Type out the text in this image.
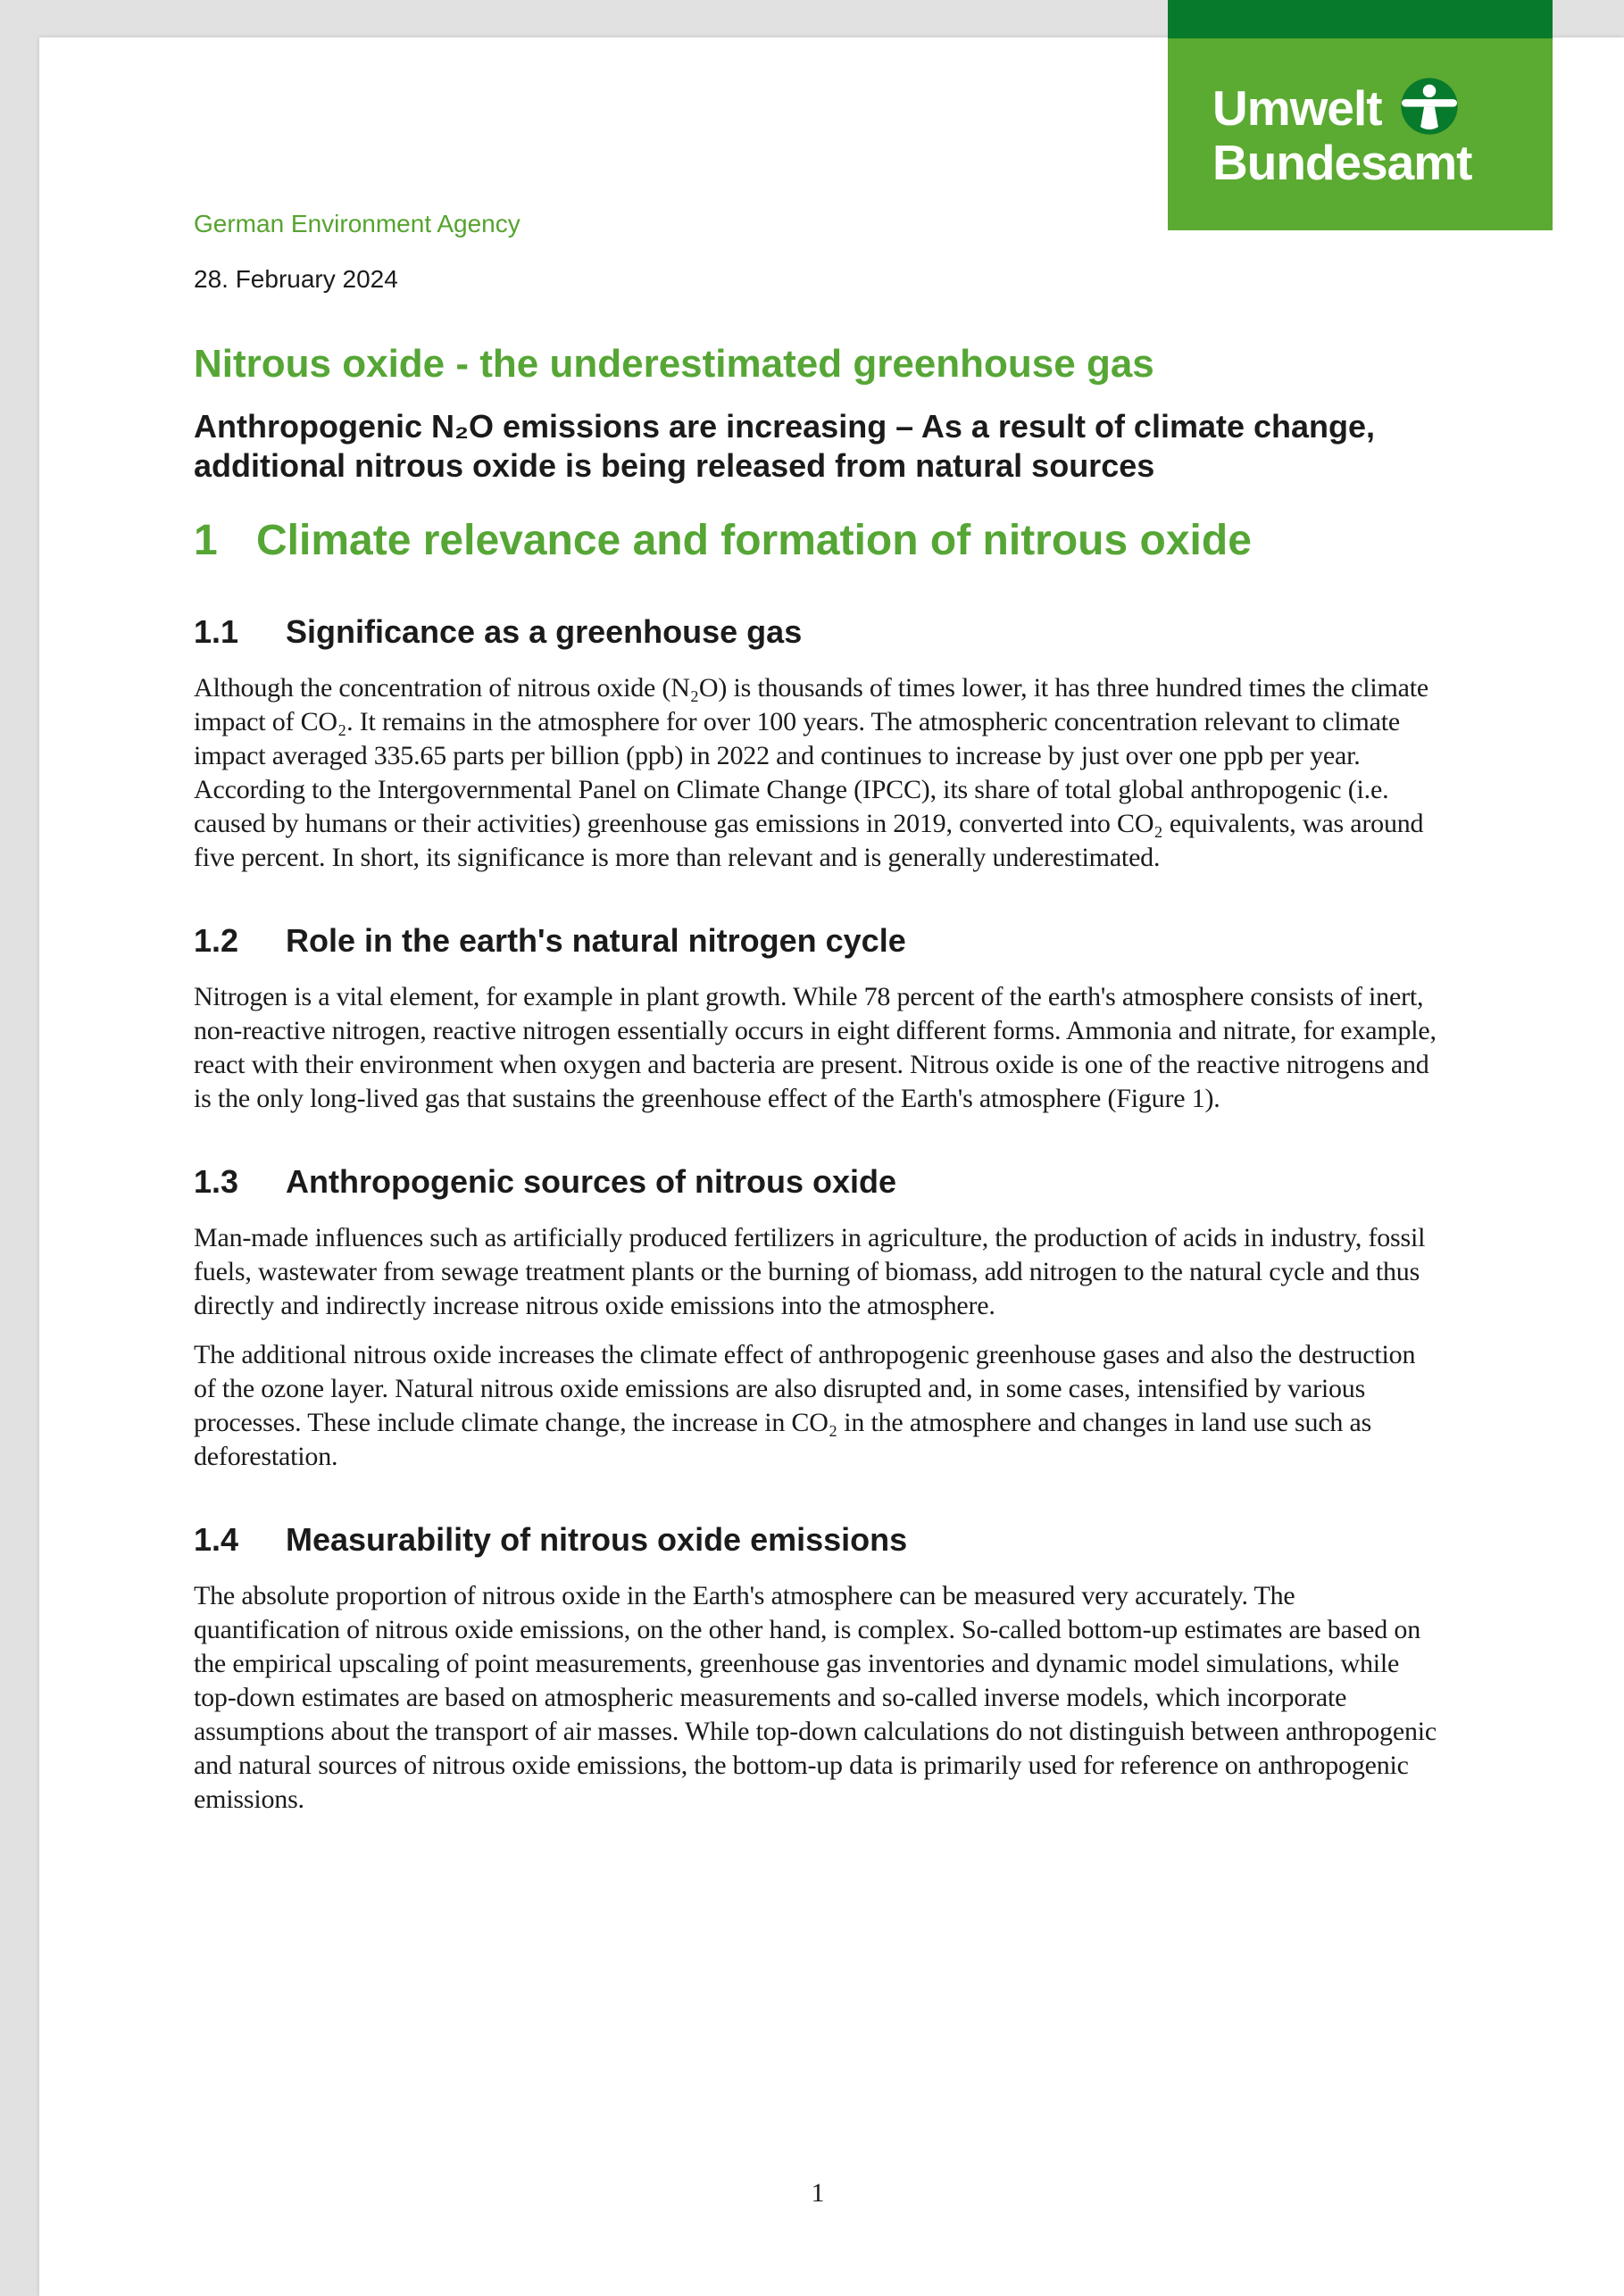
German Environment Agency
28. February 2024
Nitrous oxide - the underestimated greenhouse gas
Anthropogenic N₂O emissions are increasing – As a result of climate change, additional nitrous oxide is being released from natural sources
1 Climate relevance and formation of nitrous oxide
1.1	Significance as a greenhouse gas

Although the concentration of nitrous oxide (N₂O) is thousands of times lower, it has three hundred times the climate impact of CO₂. It remains in the atmosphere for over 100 years. The atmospheric concentration relevant to climate impact averaged 335.65 parts per billion (ppb) in 2022 and continues to increase by just over one ppb per year. According to the Intergovernmental Panel on Climate Change (IPCC), its share of total global anthropogenic (i.e. caused by humans or their activities) greenhouse gas emissions in 2019, converted into CO₂ equivalents, was around five percent. In short, its significance is more than relevant and is generally underestimated.

1.2	Role in the earth's natural nitrogen cycle

Nitrogen is a vital element, for example in plant growth. While 78 percent of the earth's atmosphere consists of inert, non-reactive nitrogen, reactive nitrogen essentially occurs in eight different forms. Ammonia and nitrate, for example, react with their environment when oxygen and bacteria are present. Nitrous oxide is one of the reactive nitrogens and is the only long-lived gas that sustains the greenhouse effect of the Earth's atmosphere (Figure 1).

1.3	Anthropogenic sources of nitrous oxide

Man-made influences such as artificially produced fertilizers in agriculture, the production of acids in industry, fossil fuels, wastewater from sewage treatment plants or the burning of biomass, add nitrogen to the natural cycle and thus directly and indirectly increase nitrous oxide emissions into the atmosphere.

The additional nitrous oxide increases the climate effect of anthropogenic greenhouse gases and also the destruction of the ozone layer. Natural nitrous oxide emissions are also disrupted and, in some cases, intensified by various processes. These include climate change, the increase in CO₂ in the atmosphere and changes in land use such as deforestation.

1.4	Measurability of nitrous oxide emissions

The absolute proportion of nitrous oxide in the Earth's atmosphere can be measured very accurately. The quantification of nitrous oxide emissions, on the other hand, is complex. So-called bottom-up estimates are based on the empirical upscaling of point measurements, greenhouse gas inventories and dynamic model simulations, while top-down estimates are based on atmospheric measurements and so-called inverse models, which incorporate assumptions about the transport of air masses. While top-down calculations do not distinguish between anthropogenic and natural sources of nitrous oxide emissions, the bottom-up data is primarily used for reference on anthropogenic emissions.

1
Umwelt
Bundesamt
